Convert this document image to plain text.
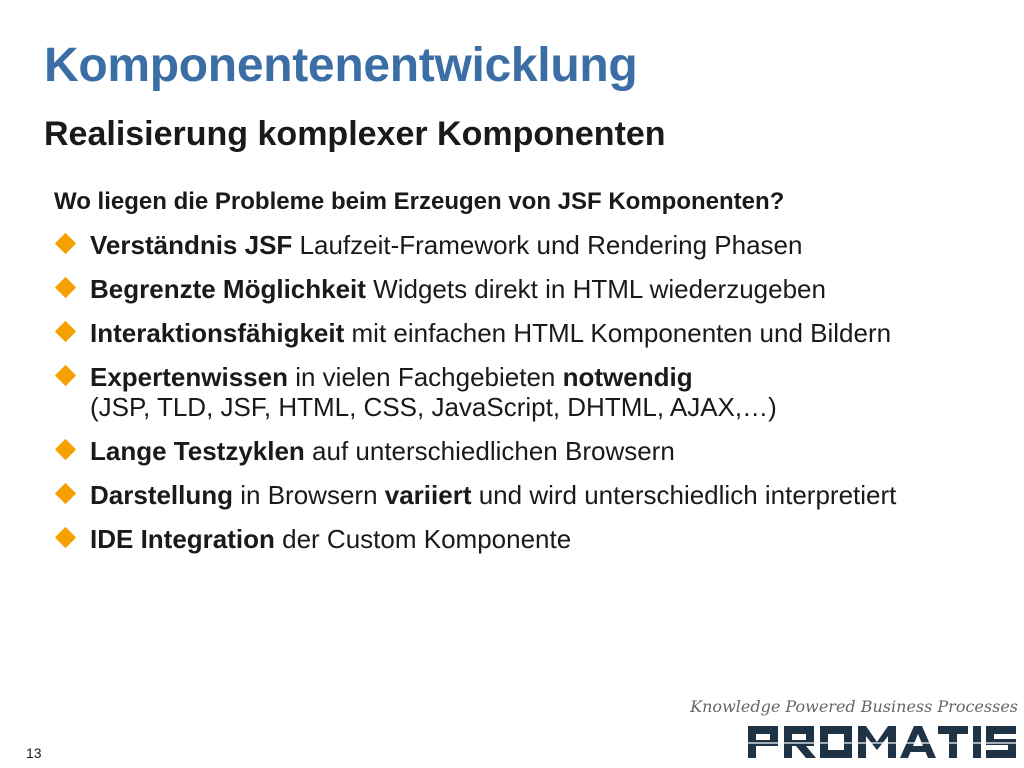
Komponentenentwicklung
Realisierung komplexer Komponenten
Wo liegen die Probleme beim Erzeugen von JSF Komponenten?
Verständnis JSF Laufzeit-Framework und Rendering Phasen
Begrenzte Möglichkeit Widgets direkt in HTML wiederzugeben
Interaktionsfähigkeit mit einfachen HTML Komponenten und Bildern
Expertenwissen in vielen Fachgebieten notwendig
(JSP, TLD, JSF, HTML, CSS, JavaScript, DHTML, AJAX,…)
Lange Testzyklen auf unterschiedlichen Browsern
Darstellung in Browsern variiert und wird unterschiedlich interpretiert
IDE Integration der Custom Komponente
Knowledge Powered Business Processes
13
